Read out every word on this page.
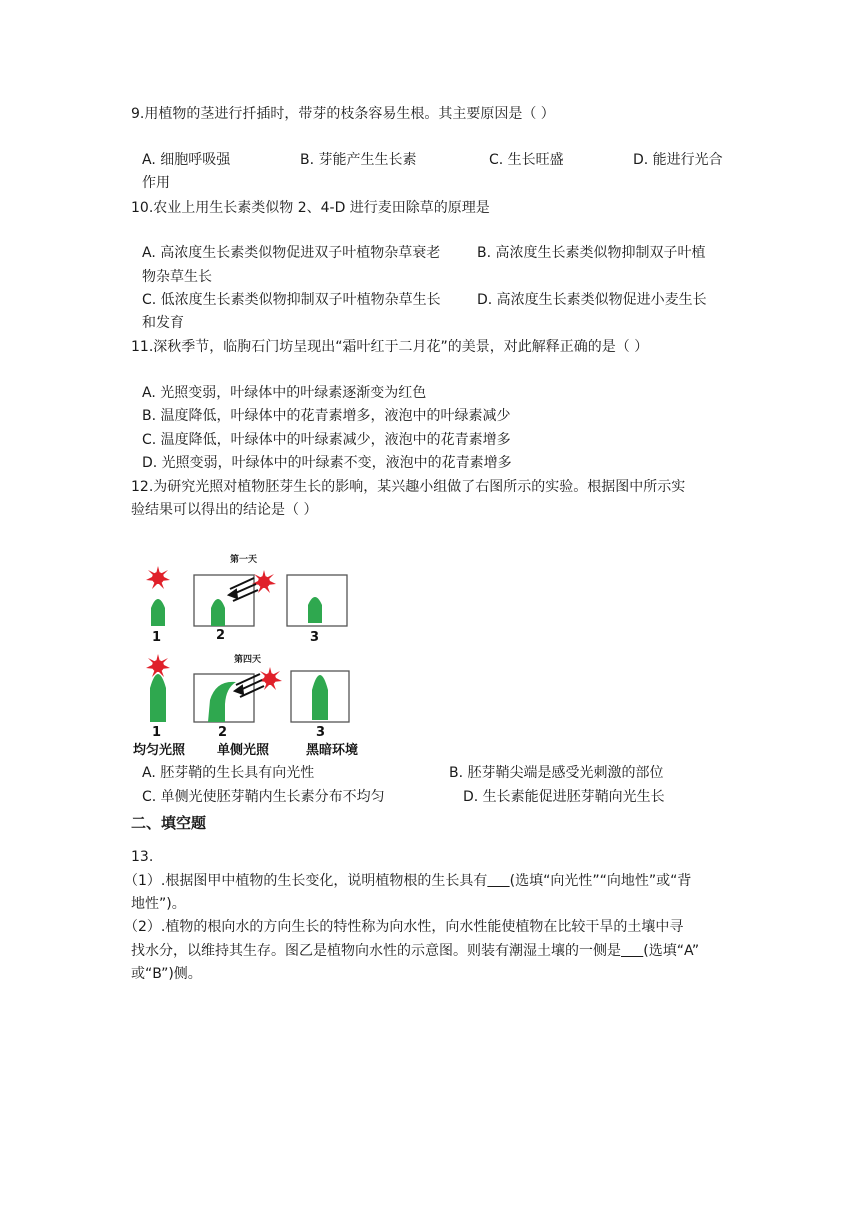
9.用植物的茎进行扦插时，带芽的枝条容易生根。其主要原因是（ ）
A. 细胞呼吸强	B. 芽能产生生长素	C. 生长旺盛	D. 能进行光合
作用
10.农业上用生长素类似物 2、4-D 进行麦田除草的原理是
A. 高浓度生长素类似物促进双子叶植物杂草衰老	B. 高浓度生长素类似物抑制双子叶植
物杂草生长
C. 低浓度生长素类似物抑制双子叶植物杂草生长	D. 高浓度生长素类似物促进小麦生长
和发育
11.深秋季节，临朐石门坊呈现出“霜叶红于二月花”的美景，对此解释正确的是（ ）
A. 光照变弱，叶绿体中的叶绿素逐渐变为红色
B. 温度降低，叶绿体中的花青素增多，液泡中的叶绿素减少
C. 温度降低，叶绿体中的叶绿素减少，液泡中的花青素增多
D. 光照变弱，叶绿体中的叶绿素不变，液泡中的花青素增多
12.为研究光照对植物胚芽生长的影响，某兴趣小组做了右图所示的实验。根据图中所示实
验结果可以得出的结论是（ ）
1
第一天
2	3
1
第四天
2	3
均匀光照 单侧光照	黑暗环境
A. 胚芽鞘的生长具有向光性	B. 胚芽鞘尖端是感受光刺激的部位
C. 单侧光使胚芽鞘内生长素分布不均匀	D. 生长素能促进胚芽鞘向光生长
二、填空题
13.
（1）.根据图甲中植物的生长变化，说明植物根的生长具有 (选填“向光性”“向地性”或“背
地性”)。
（2）.植物的根向水的方向生长的特性称为向水性，向水性能使植物在比较干旱的土壤中寻
找水分，以维持其生存。图乙是植物向水性的示意图。则装有潮湿土壤的一侧是 (选填“A”
或“B”)侧。
